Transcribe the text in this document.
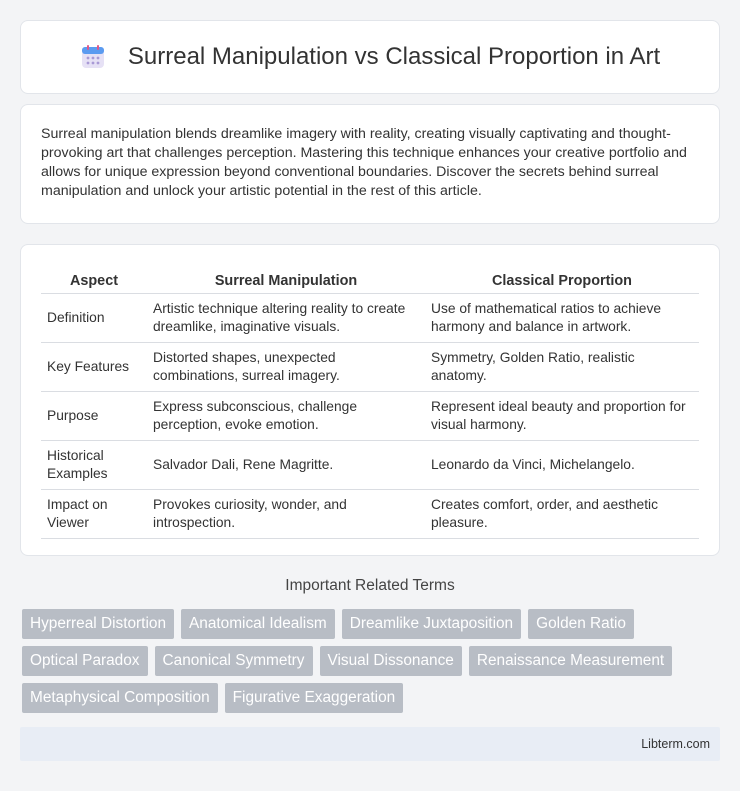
Surreal Manipulation vs Classical Proportion in Art

Surreal manipulation blends dreamlike imagery with reality, creating visually captivating and thought-provoking art that challenges perception. Mastering this technique enhances your creative portfolio and allows for unique expression beyond conventional boundaries. Discover the secrets behind surreal manipulation and unlock your artistic potential in the rest of this article.

Aspect	Surreal Manipulation	Classical Proportion
Definition	Artistic technique altering reality to create dreamlike, imaginative visuals.	Use of mathematical ratios to achieve harmony and balance in artwork.
Key Features	Distorted shapes, unexpected combinations, surreal imagery.	Symmetry, Golden Ratio, realistic anatomy.
Purpose	Express subconscious, challenge perception, evoke emotion.	Represent ideal beauty and proportion for visual harmony.
Historical Examples	Salvador Dali, Rene Magritte.	Leonardo da Vinci, Michelangelo.
Impact on Viewer	Provokes curiosity, wonder, and introspection.	Creates comfort, order, and aesthetic pleasure.
Important Related Terms
Hyperreal Distortion	Anatomical Idealism	Dreamlike Juxtaposition	Golden Ratio
Optical Paradox	Canonical Symmetry	Visual Dissonance	Renaissance Measurement
Metaphysical Composition	Figurative Exaggeration
Libterm.com
